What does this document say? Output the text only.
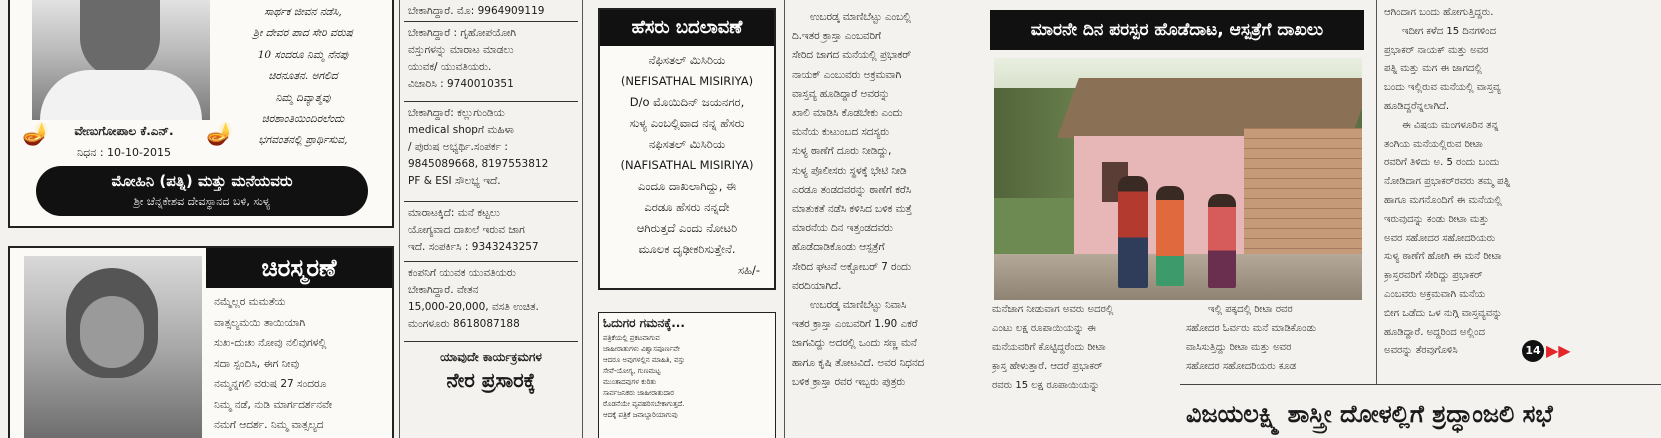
🪔	🪔
ವೇಣುಗೋಪಾಲ ಕೆ.ಎನ್.
ನಿಧನ : 10-10-2015
ಸಾರ್ಥಕ ಜೀವನ ನಡೆಸಿ,
ಶ್ರೀ ದೇವರ ಪಾದ ಸೇರಿ ವರುಷ
10 ಸಂದರೂ ನಿಮ್ಮ ನೆನಪು
ಚಿರನೂತನ. ಅಗಲಿದ
ನಿಮ್ಮ ದಿವ್ಯಾತ್ಮವು
ಚಿರಶಾಂತಿಯಿಂದಿರಲೆಂದು
ಭಗವಂತನಲ್ಲಿ ಪ್ರಾರ್ಥಿಸುವ,
ಮೋಹಿನಿ (ಪತ್ನಿ) ಮತ್ತು ಮನೆಯವರು
ಶ್ರೀ ಚೆನ್ನಕೇಶವ ದೇವಸ್ಥಾನದ ಬಳಿ, ಸುಳ್ಯ
ಚಿರಸ್ಮರಣೆ
ನಮ್ಮೆಲ್ಲರ ಮಮತೆಯ
ವಾತ್ಸಲ್ಯಮಯಿ ತಾಯಿಯಾಗಿ
ಸುಖ-ದುಃಖ ನೋವು ನಲಿವುಗಳಲ್ಲಿ
ಸದಾ ಸ್ಪಂದಿಸಿ, ಈಗ ನೀವು
ನಮ್ಮನ್ನಗಲಿ ವರುಷ 27 ಸಂದರೂ
ನಿಮ್ಮ ನಡೆ, ನುಡಿ ಮಾರ್ಗದರ್ಶನವೇ
ನಮಗೆ ಆದರ್ಶ. ನಿಮ್ಮ ವಾತ್ಸಲ್ಯದ
ಬೇಕಾಗಿದ್ದಾರೆ. ಮೊ: 9964909119
ಬೇಕಾಗಿದ್ದಾರೆ : ಗೃಹೋಪಯೋಗಿ
ವಸ್ತುಗಳನ್ನು ಮಾರಾಟ ಮಾಡಲು
ಯುವಕ/ ಯುವತಿಯರು.
ವಿಚಾರಿಸಿ : 9740010351
ಬೇಕಾಗಿದ್ದಾರೆ: ಕಲ್ಲುಗುಂಡಿಯ
medical shopಗೆ ಮಹಿಳಾ
/ ಪುರುಷ ಅಭ್ಯರ್ಥಿ.ಸಂಪರ್ಕ :
9845089668, 8197553812
PF & ESI ಸೌಲಭ್ಯ ಇದೆ.
ಮಾರಾಟಕ್ಕಿದೆ: ಮನೆ ಕಟ್ಟಲು
ಯೋಗ್ಯವಾದ ದಾಖಲೆ ಇರುವ ಜಾಗ
ಇದೆ. ಸಂಪರ್ಕಿಸಿ : 9343243257
ಕಂಪನಿಗೆ ಯುವಕ ಯುವತಿಯರು
ಬೇಕಾಗಿದ್ದಾರೆ. ವೇತನ
15,000-20,000, ವಸತಿ ಉಚಿತ.
ಮಂಗಳೂರು 8618087188
ಯಾವುದೇ ಕಾರ್ಯಕ್ರಮಗಳ
ನೇರ ಪ್ರಸಾರಕ್ಕೆ
ಹೆಸರು ಬದಲಾವಣೆ
ನೆಫಿಸತಲ್ ಮಿಸಿರಿಯ
(NEFISATHAL MISIRIYA)
D/o ಮೊಯಿದಿನ್ ಜಯನಗರ,
ಸುಳ್ಯ ಎಂಬಲ್ಲಿವಾದ ನನ್ನ ಹೆಸರು
ನಫಿಸತಲ್ ಮಿಸಿರಿಯ
(NAFISATHAL MISIRIYA)
ಎಂದೂ ದಾಖಲಾಗಿದ್ದು, ಈ
ಎರಡೂ ಹೆಸರು ನನ್ನದೇ
ಆಗಿರುತ್ತದೆ ಎಂದು ನೋಟರಿ
ಮೂಲಕ ದೃಢೀಕರಿಸುತ್ತೇನೆ.
ಸಹಿ/-
ಓದುಗರ ಗಮನಕ್ಕೆ...
ಪತ್ರಿಕೆಯಲ್ಲಿ ಪ್ರಕಟವಾಗುವ
ಜಾಹೀರಾತುಗಳು ವಿಶ್ವಾಸಪೂರ್ಣವೇ
ಆದರೂ ಅವುಗಳಲ್ಲಿನ ಮಾಹಿತಿ, ವಸ್ತು
ಸೇವೆ-ಯೋಗ್ಯ, ಗುಣಮಟ್ಟ
ಮುಂತಾದವುಗಳ ಕುರಿತು
ಸಾರ್ವಜನಿಕರು ಜಾಹೀರಾತುದಾರ
ರೊಡನೆಯೇ ವ್ಯವಹರಿಸಬೇಕಾಗುತ್ತದೆ.
ಆದಕ್ಕೆ ಪತ್ರಿಕೆ ಜವಾಬ್ದಾರಿಯಾಗುವು
ಉಬರಡ್ಕ ಮಾಣಿಬೆಟ್ಟು ಎಂಬಲ್ಲಿ
ದಿ.ಇತರ ಕ್ರಾಸ್ತಾ ಎಂಬವರಿಗೆ
ಸೇರಿದ ಜಾಗದ ಮನೆಯಲ್ಲಿ ಪ್ರಭಾಕರ್
ನಾಯಕ್ ಎಂಬುವರು ಅಕ್ರಮವಾಗಿ
ವಾಸ್ತವ್ಯ ಹೂಡಿದ್ದಾರೆ ಅವರನ್ನು
ಖಾಲಿ ಮಾಡಿಸಿ ಕೊಡಬೇಕು ಎಂದು
ಮನೆಯ ಕುಟುಂಬದ ಸದಸ್ಯರು
ಸುಳ್ಯ ಠಾಣೆಗೆ ದೂರು ನೀಡಿದ್ದು,
ಸುಳ್ಯ ಪೊಲೀಸರು ಸ್ಥಳಕ್ಕೆ ಭೇಟಿ ನೀಡಿ
ಎರಡೂ ತಂಡದವರನ್ನು ಠಾಣೆಗೆ ಕರೆಸಿ
ಮಾತುಕತೆ ನಡೆಸಿ ಕಳಿಸಿದ ಬಳಿಕ ಮತ್ತೆ
ಮಾರನೆಯ ದಿನ ಇತ್ತಂಡದವರು
ಹೊಡೆದಾಡಿಕೊಂಡು ಆಸ್ಪತ್ರೆಗೆ
ಸೇರಿದ ಘಟನೆ ಅಕ್ಟೋಬರ್ 7 ರಂದು
ವರದಿಯಾಗಿದೆ.
ಉಬರಡ್ಕ ಮಾಣಿಬೆಟ್ಟು ನಿವಾಸಿ
ಇತರ ಕ್ರಾಸ್ತಾ ಎಂಬವರಿಗೆ 1.90 ಎಕರೆ
ಜಾಗವಿದ್ದು ಅದರಲ್ಲಿ ಒಂದು ಸಣ್ಣ ಮನೆ
ಹಾಗೂ ಕೃಷಿ ತೋಟವಿದೆ. ಅವರ ನಿಧನದ
ಬಳಿಕ ಕ್ರಾಸ್ತಾ ರವರ ಇಬ್ಬರು ಪುತ್ರರು
ಮಾರನೇ ದಿನ ಪರಸ್ಪರ ಹೊಡೆದಾಟ, ಆಸ್ಪತ್ರೆಗೆ ದಾಖಲು
ಮನೆಜಾಗ ನೀಡುವಾಗ ಅವರು ಅದರಲ್ಲಿ
ಎಂಟು ಲಕ್ಷ ರೂಪಾಯಿಯನ್ನು ಈ
ಮನೆಯವರಿಗೆ ಕೊಟ್ಟಿದ್ದರೆಂದು ರೀಟಾ
ಕ್ರಾಸ್ತ ಹೇಳುತ್ತಾರೆ. ಆದರೆ ಪ್ರಭಾಕರ್
ರವರು 15 ಲಕ್ಷ ರೂಪಾಯಿಯನ್ನು
ಇಲ್ಲಿ ಪಕ್ಕದಲ್ಲಿ ರೀಟಾ ರವರ
ಸಹೋದರ ಓರ್ವರು ಮನೆ ಮಾಡಿಕೊಂಡು
ವಾಸಿಸುತ್ತಿದ್ದು ರೀಟಾ ಮತ್ತು ಅವರ
ಸಹೋದರ ಸಹೋದರಿಯರು ಕೂಡ
ವಿಜಯಲಕ್ಷ್ಮಿ ಶಾಸ್ತ್ರೀ ದೋಳಲ್ಲಿಗೆ ಶ್ರದ್ಧಾಂಜಲಿ ಸಭೆ
ಆಗಿಂದಾಗ ಬಂದು ಹೋಗುತ್ತಿದ್ದರು.
ಇದೀಗ ಕಳೆದ 15 ದಿನಗಳಿಂದ
ಪ್ರಭಾಕರ್ ನಾಯಕ್ ಮತ್ತು ಅವರ
ಪತ್ನಿ ಮತ್ತು ಮಗ ಈ ಜಾಗದಲ್ಲಿ
ಬಂದು ಇಲ್ಲಿರುವ ಮನೆಯಲ್ಲಿ ವಾಸ್ತವ್ಯ
ಹೂಡಿದ್ದರೆನ್ನಲಾಗಿದೆ.
ಈ ವಿಷಯ ಮಂಗಳೂರಿನ ತನ್ನ
ತಂಗಿಯ ಮನೆಯಲ್ಲಿರುವ ರೀಟಾ
ರವರಿಗೆ ತಿಳಿದು ಅ. 5 ರಂದು ಬಂದು
ನೋಡಿದಾಗ ಪ್ರಭಾಕರ್‌ರವರು ತಮ್ಮ ಪತ್ನಿ
ಹಾಗೂ ಮಗನೊಂದಿಗೆ ಈ ಮನೆಯಲ್ಲಿ
ಇರುವುದನ್ನು ಕಂಡು ರೀಟಾ ಮತ್ತು
ಅವರ ಸಹೋದರ ಸಹೋದರಿಯರು
ಸುಳ್ಯ ಠಾಣೆಗೆ ಹೋಗಿ ಈ ಮನೆ ರೀಟಾ
ಕ್ರಾಸ್ತರವರಿಗೆ ಸೇರಿದ್ದು ಪ್ರಭಾಕರ್
ಎಂಬವರು ಅಕ್ರಮವಾಗಿ ಮನೆಯ
ಬೀಗ ಒಡೆದು ಒಳ ನುಗ್ಗಿ ವಾಸ್ತವ್ಯವನ್ನು
ಹೂಡಿದ್ದಾರೆ. ಅದ್ದರಿಂದ ಅಲ್ಲಿಂದ
ಅವರನ್ನು ತೆರವುಗೊಳಿಸಿ	14 ▶▶
